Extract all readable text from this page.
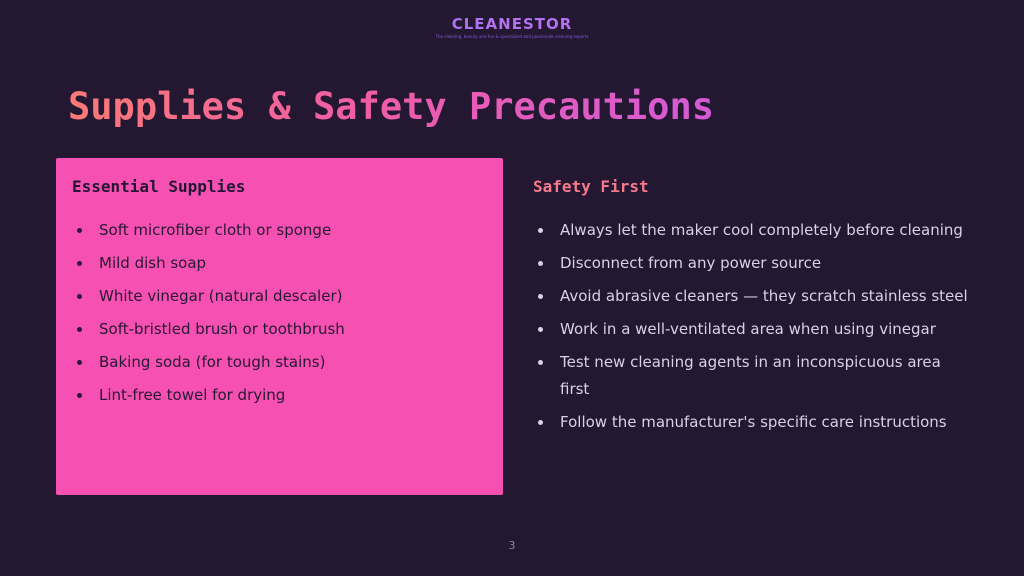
CLEANESTOR
The cleaning, beauty and fun & specialized and passionate cleaning experts
Supplies & Safety Precautions
Essential Supplies
Soft microfiber cloth or sponge
Mild dish soap
White vinegar (natural descaler)
Soft-bristled brush or toothbrush
Baking soda (for tough stains)
Lint-free towel for drying
Safety First
Always let the maker cool completely before cleaning
Disconnect from any power source
Avoid abrasive cleaners — they scratch stainless steel
Work in a well-ventilated area when using vinegar
Test new cleaning agents in an inconspicuous area first
Follow the manufacturer's specific care instructions
3
